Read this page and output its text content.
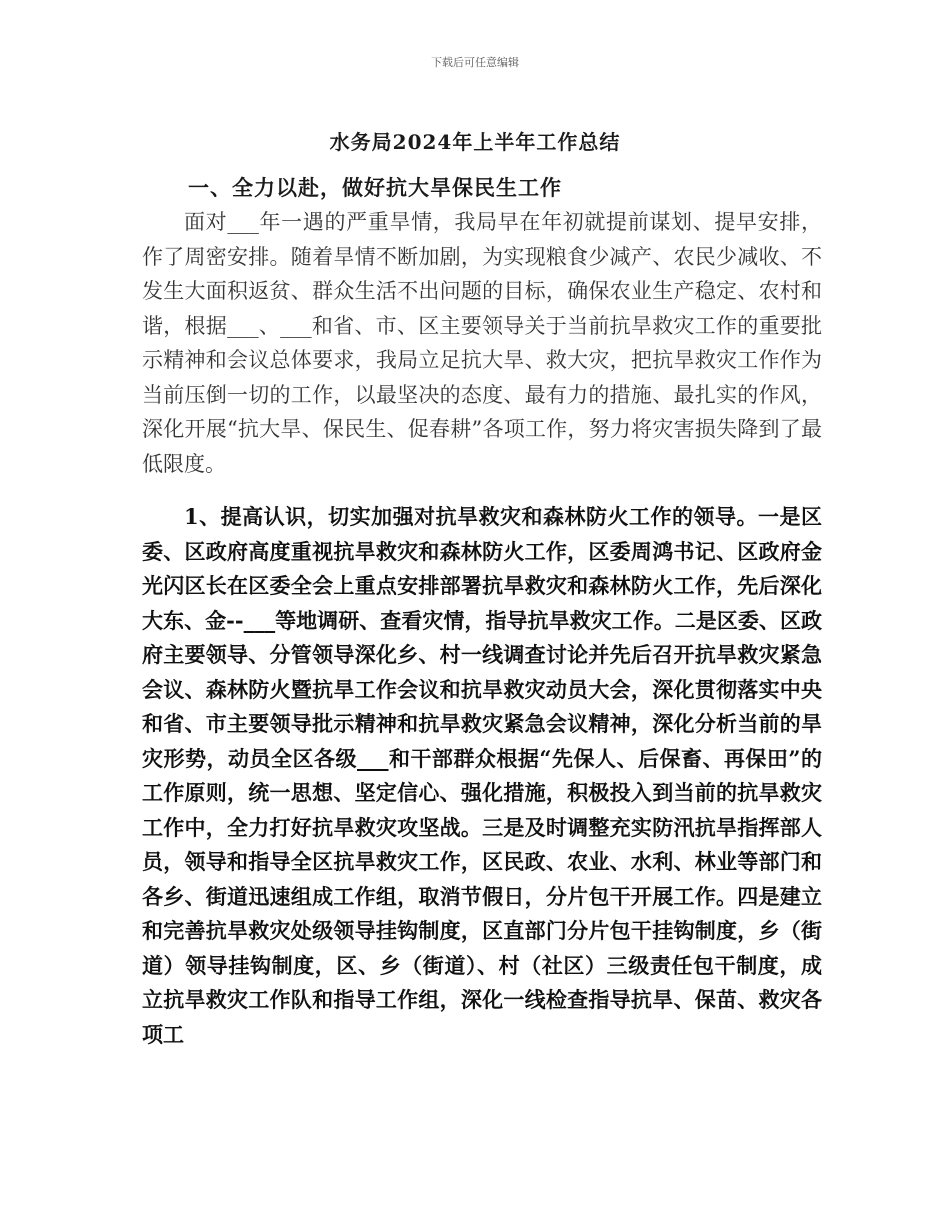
下载后可任意编辑
水务局2024年上半年工作总结
一、全力以赴，做好抗大旱保民生工作

面对___年一遇的严重旱情，我局早在年初就提前谋划、提早安排，作了周密安排。随着旱情不断加剧，为实现粮食少减产、农民少减收、不发生大面积返贫、群众生活不出问题的目标，确保农业生产稳定、农村和谐，根据___、___和省、市、区主要领导关于当前抗旱救灾工作的重要批示精神和会议总体要求，我局立足抗大旱、救大灾，把抗旱救灾工作作为当前压倒一切的工作，以最坚决的态度、最有力的措施、最扎实的作风，深化开展“抗大旱、保民生、促春耕”各项工作，努力将灾害损失降到了最低限度。

1、提高认识，切实加强对抗旱救灾和森林防火工作的领导。一是区委、区政府高度重视抗旱救灾和森林防火工作，区委周鸿书记、区政府金光闪区长在区委全会上重点安排部署抗旱救灾和森林防火工作，先后深化大东、金--___等地调研、查看灾情，指导抗旱救灾工作。二是区委、区政府主要领导、分管领导深化乡、村一线调查讨论并先后召开抗旱救灾紧急会议、森林防火暨抗旱工作会议和抗旱救灾动员大会，深化贯彻落实中央和省、市主要领导批示精神和抗旱救灾紧急会议精神，深化分析当前的旱灾形势，动员全区各级___和干部群众根据“先保人、后保畜、再保田”的工作原则，统一思想、坚定信心、强化措施，积极投入到当前的抗旱救灾工作中，全力打好抗旱救灾攻坚战。三是及时调整充实防汛抗旱指挥部人员，领导和指导全区抗旱救灾工作，区民政、农业、水利、林业等部门和各乡、街道迅速组成工作组，取消节假日，分片包干开展工作。四是建立和完善抗旱救灾处级领导挂钩制度，区直部门分片包干挂钩制度，乡（街道）领导挂钩制度，区、乡（街道）、村（社区）三级责任包干制度，成立抗旱救灾工作队和指导工作组，深化一线检查指导抗旱、保苗、救灾各项工
